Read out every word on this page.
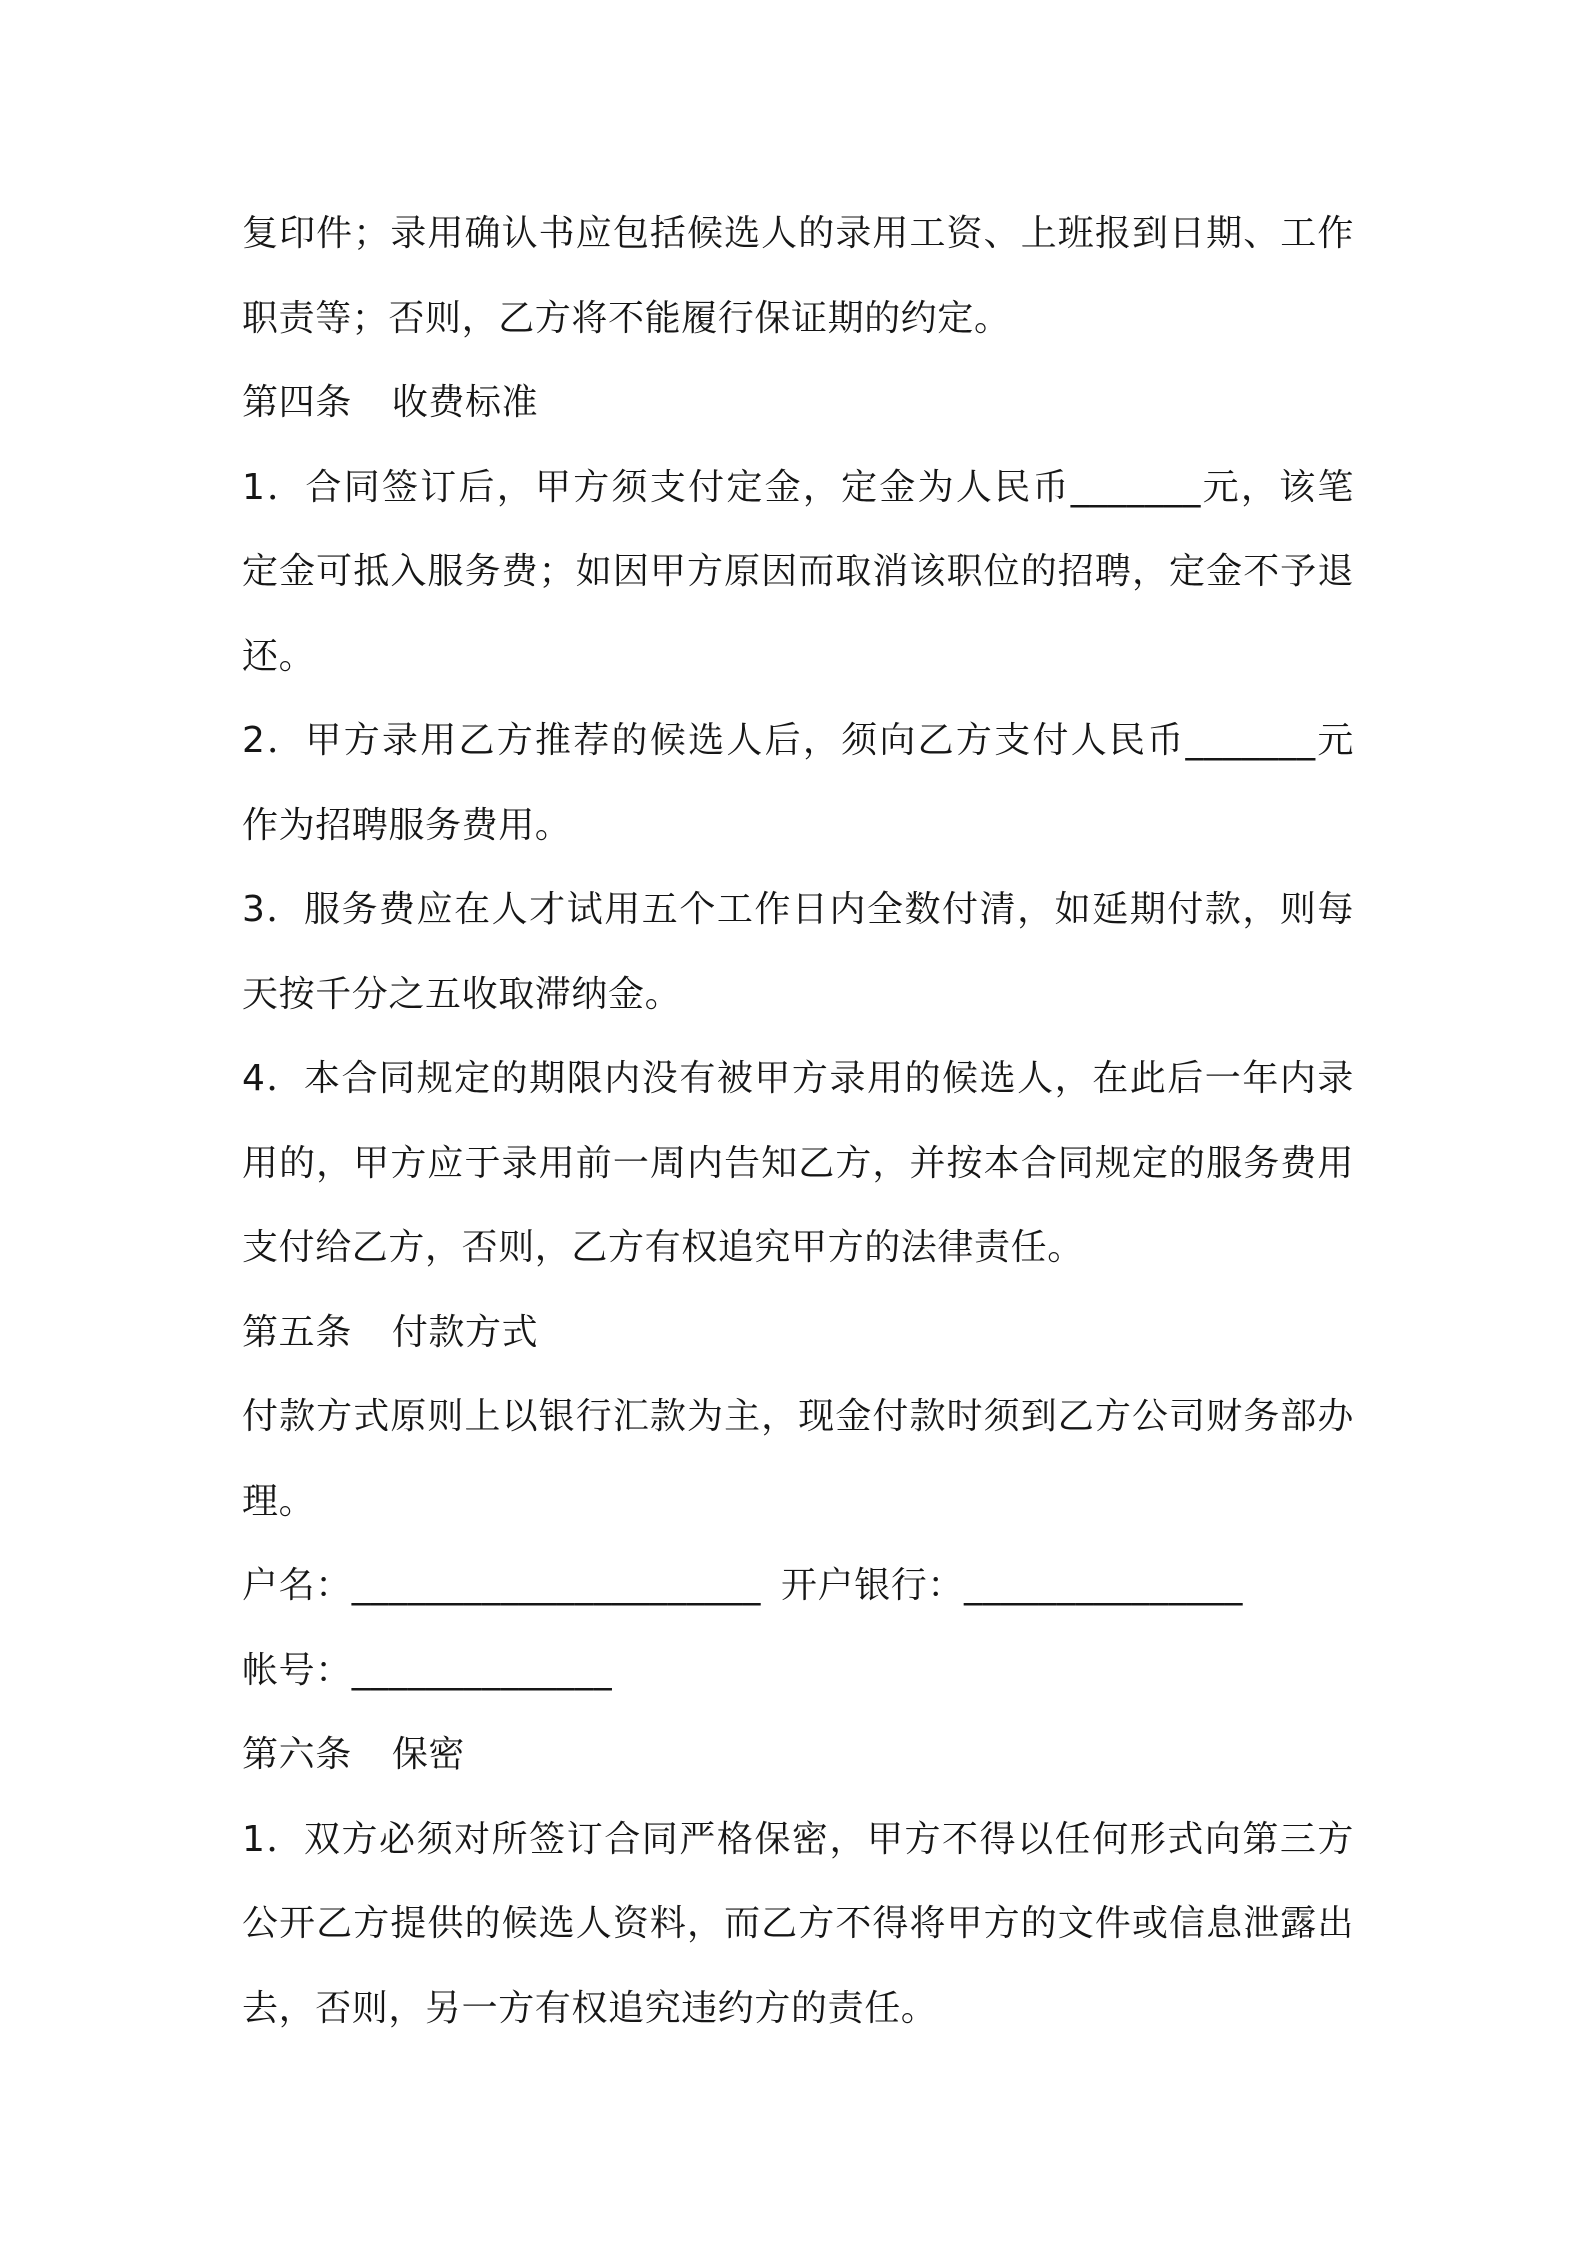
复印件；录用确认书应包括候选人的录用工资、上班报到日期、工作
职责等；否则，乙方将不能履行保证期的约定。
第四条 收费标准
1．合同签订后，甲方须支付定金，定金为人民币_______元，该笔
定金可抵入服务费；如因甲方原因而取消该职位的招聘，定金不予退
还。
2．甲方录用乙方推荐的候选人后，须向乙方支付人民币_______元
作为招聘服务费用。
3．服务费应在人才试用五个工作日内全数付清，如延期付款，则每
天按千分之五收取滞纳金。
4．本合同规定的期限内没有被甲方录用的候选人，在此后一年内录
用的，甲方应于录用前一周内告知乙方，并按本合同规定的服务费用
支付给乙方，否则，乙方有权追究甲方的法律责任。
第五条 付款方式
付款方式原则上以银行汇款为主，现金付款时须到乙方公司财务部办
理。
户名：______________________ 开户银行：_______________
帐号：______________
第六条 保密
1．双方必须对所签订合同严格保密，甲方不得以任何形式向第三方
公开乙方提供的候选人资料，而乙方不得将甲方的文件或信息泄露出
去，否则，另一方有权追究违约方的责任。
